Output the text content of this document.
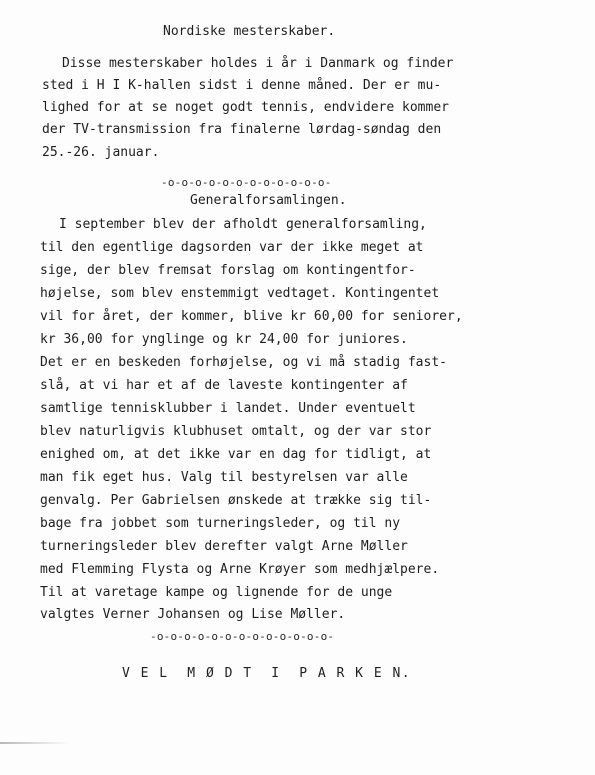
Nordiske mesterskaber.
Disse mesterskaber holdes i år i Danmark og finder
sted i H I K-hallen sidst i denne måned. Der er mu-
lighed for at se noget godt tennis, endvidere kommer
der TV-transmission fra finalerne lørdag-søndag den
25.-26. januar.
-o-o-o-o-o-o-o-o-o-o-o-o-
Generalforsamlingen.
I september blev der afholdt generalforsamling,
til den egentlige dagsorden var der ikke meget at
sige, der blev fremsat forslag om kontingentfor-
højelse, som blev enstemmigt vedtaget. Kontingentet
vil for året, der kommer, blive kr 60,00 for seniorer,
kr 36,00 for ynglinge og kr 24,00 for juniores.
Det er en beskeden forhøjelse, og vi må stadig fast-
slå, at vi har et af de laveste kontingenter af
samtlige tennisklubber i landet. Under eventuelt
blev naturligvis klubhuset omtalt, og der var stor
enighed om, at det ikke var en dag for tidligt, at
man fik eget hus. Valg til bestyrelsen var alle
genvalg. Per Gabrielsen ønskede at trække sig til-
bage fra jobbet som turneringsleder, og til ny
turneringsleder blev derefter valgt Arne Møller
med Flemming Flysta og Arne Krøyer som medhjælpere.
Til at varetage kampe og lignende for de unge
valgtes Verner Johansen og Lise Møller.
-o-o-o-o-o-o-o-o-o-o-o-o-o-
V E L  M Ø D T  I  P A R K E N.
